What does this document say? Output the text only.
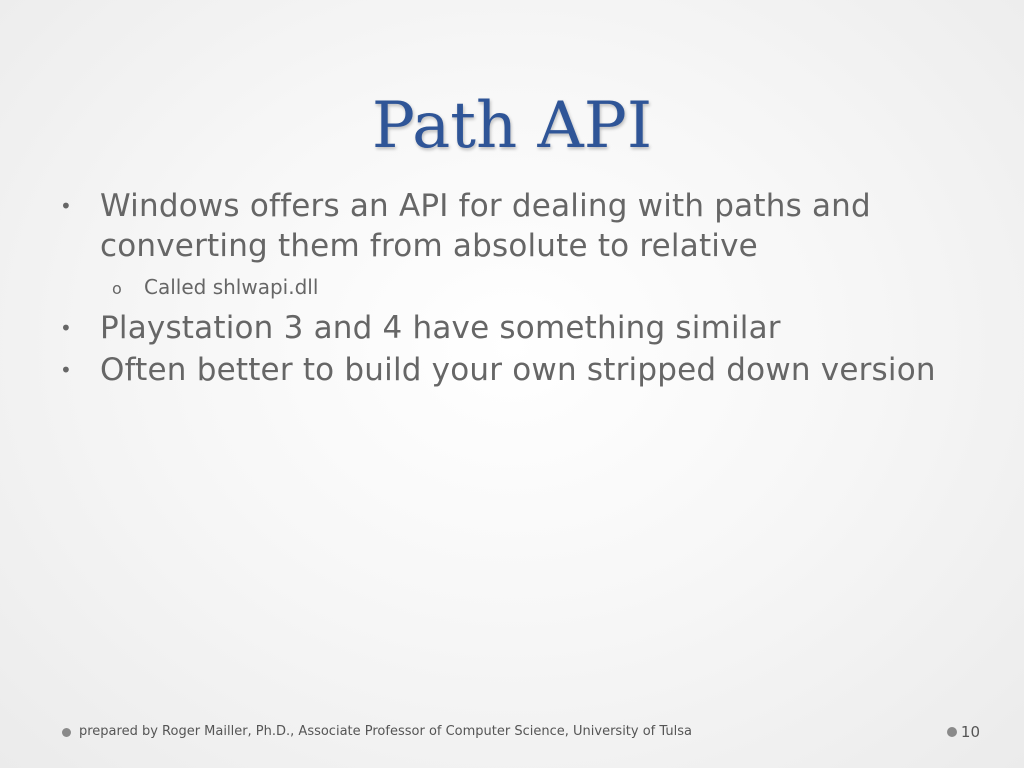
Path API
• Windows offers an API for dealing with paths and converting them from absolute to relative
o Called shlwapi.dll
• Playstation 3 and 4 have something similar
• Often better to build your own stripped down version
prepared by Roger Mailler, Ph.D., Associate Professor of Computer Science, University of Tulsa	10
